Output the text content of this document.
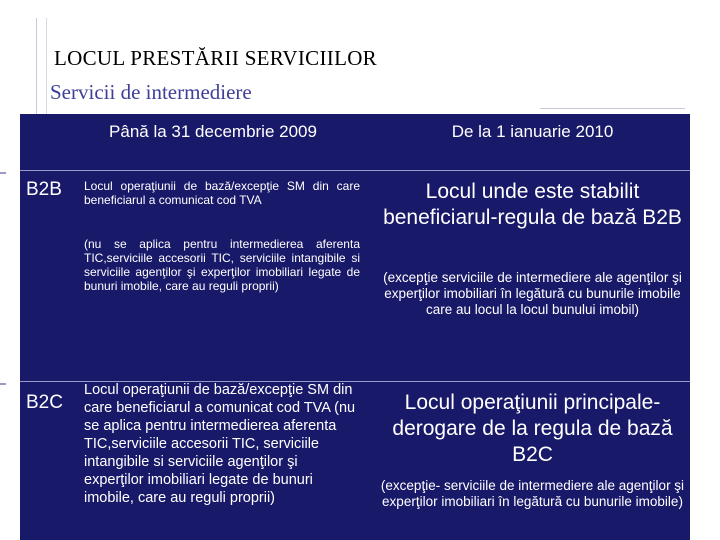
LOCUL PRESTĂRII SERVICIILOR
Servicii de intermediere
Până la 31 decembrie 2009	De la 1 ianuarie 2010
B2B Locul operaţiunii de bază/excepţie SM din care beneficiarul a comunicat cod TVA
(nu se aplica pentru intermedierea aferenta TIC,serviciile accesorii TIC, serviciile intangibile si serviciile agenţilor şi experţilor imobiliari legate de bunuri imobile, care au reguli proprii)
Locul unde este stabilit beneficiarul-regula de bază B2B
(excepţie serviciile de intermediere ale agenţilor şi experţilor imobiliari în legătură cu bunurile imobile care au locul la locul bunului imobil)
B2C
Locul operaţiunii de bază/excepţie SM din care beneficiarul a comunicat cod TVA (nu se aplica pentru intermedierea aferenta TIC,serviciile accesorii TIC, serviciile intangibile si serviciile agenţilor şi experţilor imobiliari legate de bunuri imobile, care au reguli proprii)
Locul operaţiunii principale- derogare de la regula de bază B2C
(excepţie- serviciile de intermediere ale agenţilor şi experţilor imobiliari în legătură cu bunurile imobile)
